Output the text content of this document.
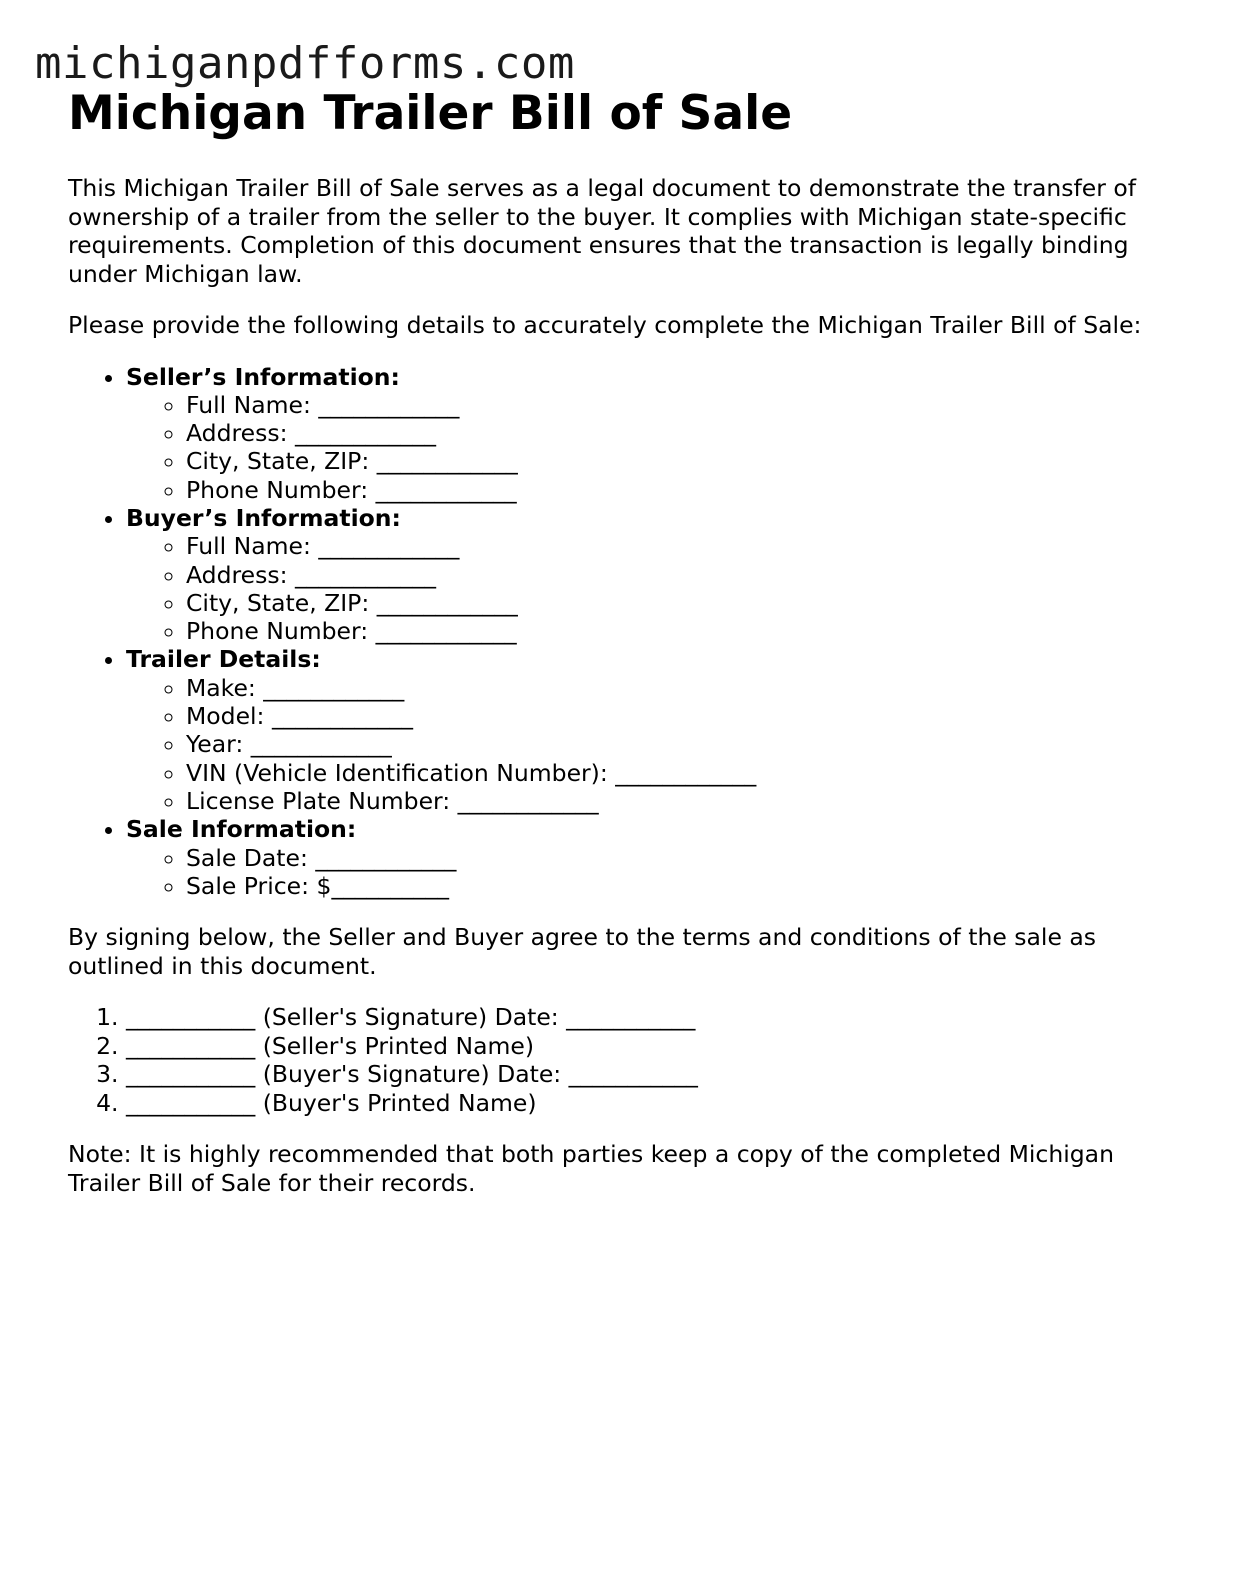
michiganpdfforms.com
Michigan Trailer Bill of Sale

This Michigan Trailer Bill of Sale serves as a legal document to demonstrate the transfer of ownership of a trailer from the seller to the buyer. It complies with Michigan state-specific requirements. Completion of this document ensures that the transaction is legally binding under Michigan law.

Please provide the following details to accurately complete the Michigan Trailer Bill of Sale:

• Seller’s Information:
◦ Full Name: ____________
◦ Address: ____________
◦ City, State, ZIP: ____________
◦ Phone Number: ____________
• Buyer’s Information:
◦ Full Name: ____________
◦ Address: ____________
◦ City, State, ZIP: ____________
◦ Phone Number: ____________
• Trailer Details:
◦ Make: ____________
◦ Model: ____________
◦ Year: ____________
◦ VIN (Vehicle Identification Number): ____________
◦ License Plate Number: ____________
• Sale Information:
◦ Sale Date: ____________
◦ Sale Price: $__________

By signing below, the Seller and Buyer agree to the terms and conditions of the sale as outlined in this document.

1. ___________ (Seller's Signature) Date: ___________
2. ___________ (Seller's Printed Name)
3. ___________ (Buyer's Signature) Date: ___________
4. ___________ (Buyer's Printed Name)

Note: It is highly recommended that both parties keep a copy of the completed Michigan Trailer Bill of Sale for their records.
